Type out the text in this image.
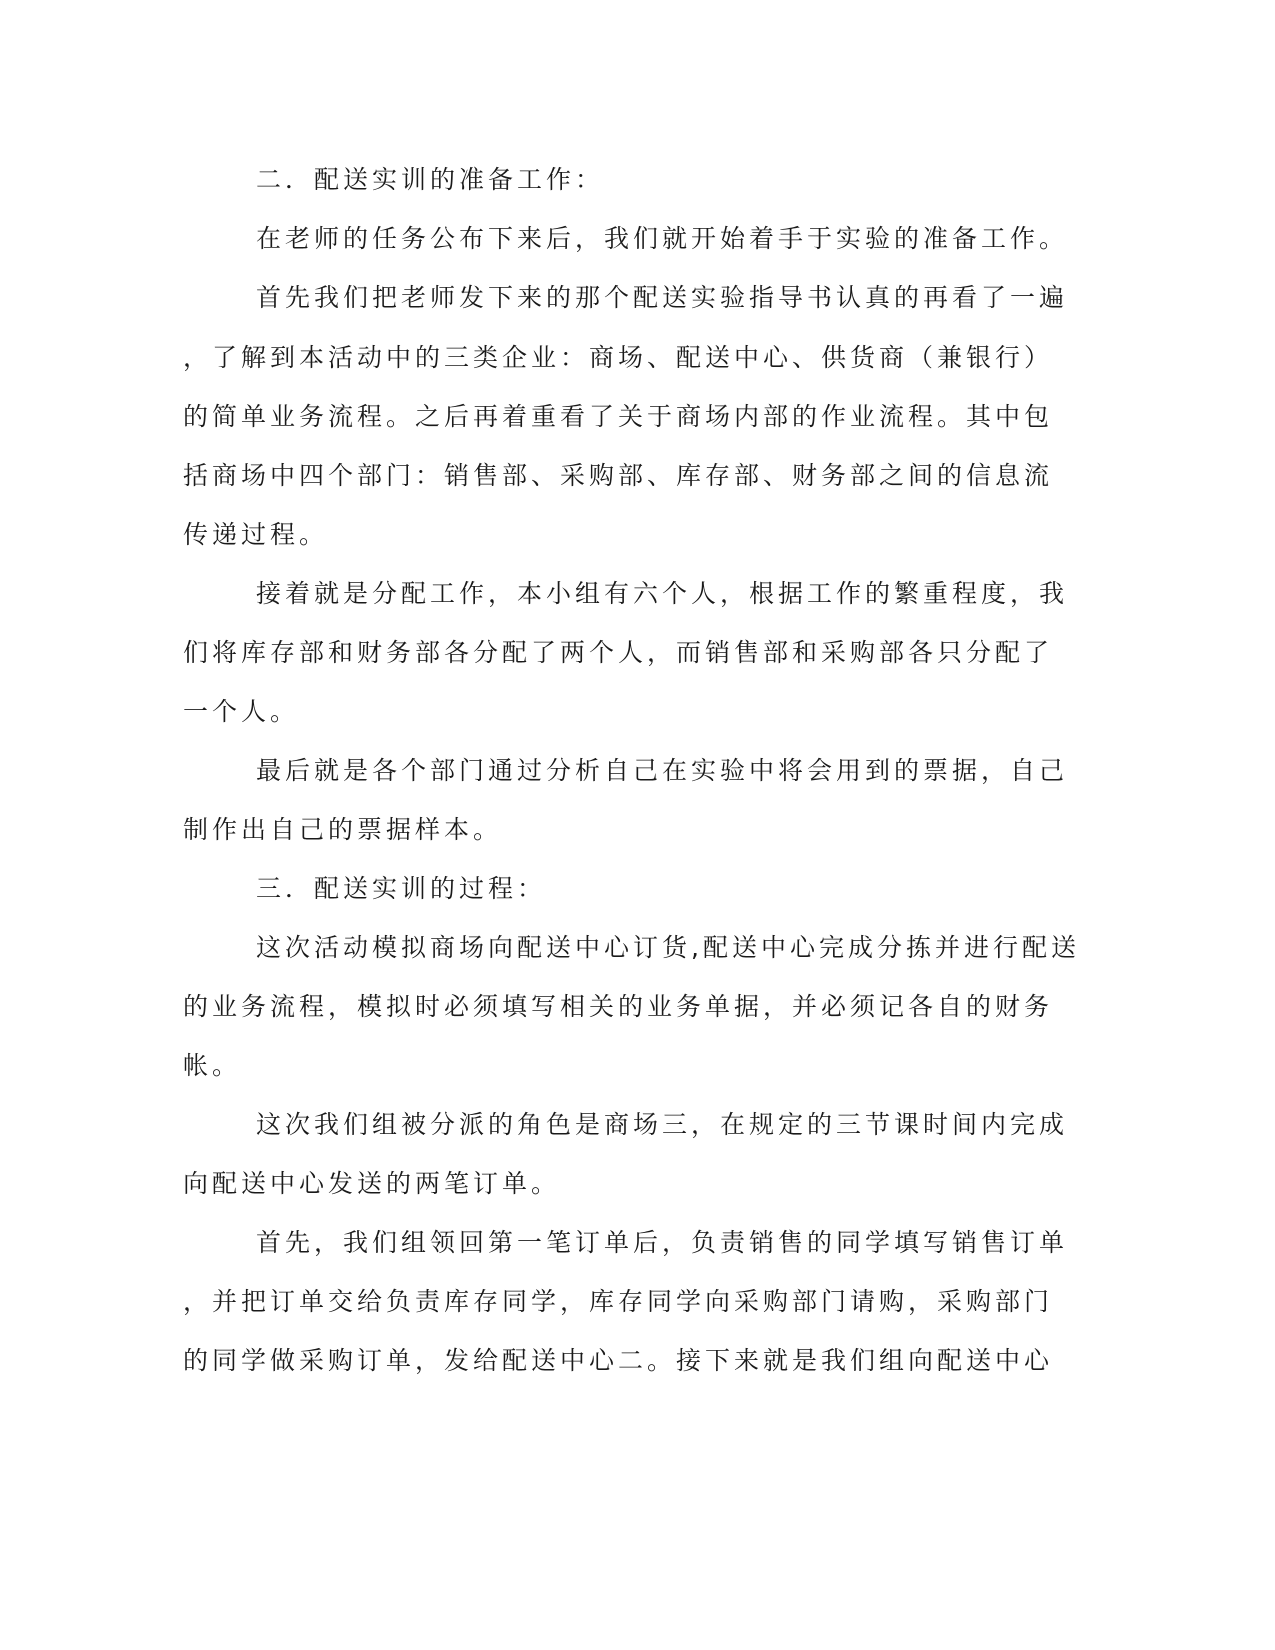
二．配送实训的准备工作：
在老师的任务公布下来后，我们就开始着手于实验的准备工作。
首先我们把老师发下来的那个配送实验指导书认真的再看了一遍
，了解到本活动中的三类企业：商场、配送中心、供货商（兼银行）
的简单业务流程。之后再着重看了关于商场内部的作业流程。其中包
括商场中四个部门：销售部、采购部、库存部、财务部之间的信息流
传递过程。
接着就是分配工作，本小组有六个人，根据工作的繁重程度，我
们将库存部和财务部各分配了两个人，而销售部和采购部各只分配了
一个人。
最后就是各个部门通过分析自己在实验中将会用到的票据，自己
制作出自己的票据样本。
三．配送实训的过程：
这次活动模拟商场向配送中心订货,配送中心完成分拣并进行配送
的业务流程，模拟时必须填写相关的业务单据，并必须记各自的财务
帐。
这次我们组被分派的角色是商场三，在规定的三节课时间内完成
向配送中心发送的两笔订单。
首先，我们组领回第一笔订单后，负责销售的同学填写销售订单
，并把订单交给负责库存同学，库存同学向采购部门请购，采购部门
的同学做采购订单，发给配送中心二。接下来就是我们组向配送中心
